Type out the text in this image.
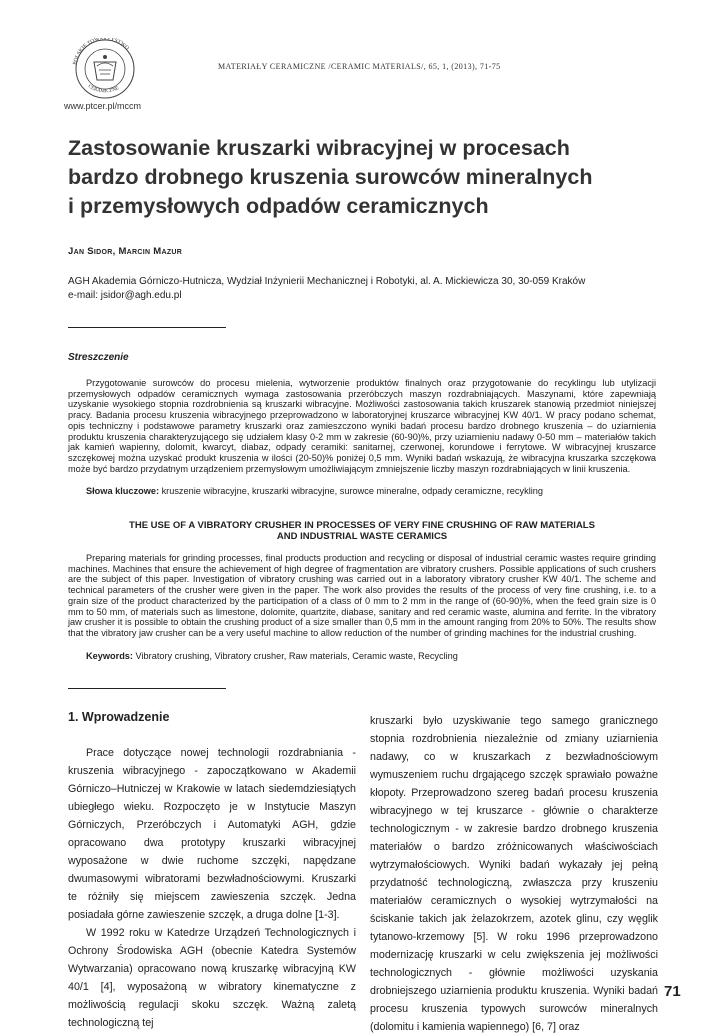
POLSKIE TOWARZYSTWO
CERAMICZNE
www.ptcer.pl/mccm
MATERIAŁY CERAMICZNE /CERAMIC MATERIALS/, 65, 1, (2013), 71-75
Zastosowanie kruszarki wibracyjnej w procesach
bardzo drobnego kruszenia surowców mineralnych
i przemysłowych odpadów ceramicznych
Jan Sidor, Marcin Mazur
AGH Akademia Górniczo-Hutnicza, Wydział Inżynierii Mechanicznej i Robotyki, al. A. Mickiewicza 30, 30-059 Kraków
e-mail: jsidor@agh.edu.pl
Streszczenie

Przygotowanie surowców do procesu mielenia, wytworzenie produktów finalnych oraz przygotowanie do recyklingu lub utylizacji przemysłowych odpadów ceramicznych wymaga zastosowania przeróbczych maszyn rozdrabniających. Maszynami, które zapewniają uzyskanie wysokiego stopnia rozdrobnienia są kruszarki wibracyjne. Możliwości zastosowania takich kruszarek stanowią przedmiot niniejszej pracy. Badania procesu kruszenia wibracyjnego przeprowadzono w laboratoryjnej kruszarce wibracyjnej KW 40/1. W pracy podano schemat, opis techniczny i podstawowe parametry kruszarki oraz zamieszczono wyniki badań procesu bardzo drobnego kruszenia – do uziarnienia produktu kruszenia charakteryzującego się udziałem klasy 0-2 mm w zakresie (60-90)%, przy uziarnieniu nadawy 0-50 mm – materiałów takich jak kamień wapienny, dolomit, kwarcyt, diabaz, odpady ceramiki: sanitarnej, czerwonej, korundowe i ferrytowe. W wibracyjnej kruszarce szczękowej można uzyskać produkt kruszenia w ilości (20-50)% poniżej 0,5 mm. Wyniki badań wskazują, że wibracyjna kruszarka szczękowa może być bardzo przydatnym urządzeniem przemysłowym umożliwiającym zmniejszenie liczby maszyn rozdrabniających w linii kruszenia.

Słowa kluczowe: kruszenie wibracyjne, kruszarki wibracyjne, surowce mineralne, odpady ceramiczne, recykling
THE USE OF A VIBRATORY CRUSHER IN PROCESSES OF VERY FINE CRUSHING OF RAW MATERIALS
AND INDUSTRIAL WASTE CERAMICS

Preparing materials for grinding processes, final products production and recycling or disposal of industrial ceramic wastes require grinding machines. Machines that ensure the achievement of high degree of fragmentation are vibratory crushers. Possible applications of such crushers are the subject of this paper. Investigation of vibratory crushing was carried out in a laboratory vibratory crusher KW 40/1. The scheme and technical parameters of the crusher were given in the paper. The work also provides the results of the process of very fine crushing, i.e. to a grain size of the product characterized by the participation of a class of 0 mm to 2 mm in the range of (60-90)%, when the feed grain size is 0 mm to 50 mm, of materials such as limestone, dolomite, quartzite, diabase, sanitary and red ceramic waste, alumina and ferrite. In the vibratory jaw crusher it is possible to obtain the crushing product of a size smaller than 0,5 mm in the amount ranging from 20% to 50%. The results show that the vibratory jaw crusher can be a very useful machine to allow reduction of the number of grinding machines for the industrial crushing.

Keywords: Vibratory crushing, Vibratory crusher, Raw materials, Ceramic waste, Recycling
1. Wprowadzenie

Prace dotyczące nowej technologii rozdrabniania - kruszenia wibracyjnego - zapoczątkowano w Akademii Górniczo–Hutniczej w Krakowie w latach siedemdziesiątych ubiegłego wieku. Rozpoczęto je w Instytucie Maszyn Górniczych, Przeróbczych i Automatyki AGH, gdzie opracowano dwa prototypy kruszarki wibracyjnej wyposażone w dwie ruchome szczęki, napędzane dwumasowymi wibratorami bezwładnościowymi. Kruszarki te różniły się miejscem zawieszenia szczęk. Jedna posiadała górne zawieszenie szczęk, a druga dolne [1-3].

W 1992 roku w Katedrze Urządzeń Technologicznych i Ochrony Środowiska AGH (obecnie Katedra Systemów Wytwarzania) opracowano nową kruszarkę wibracyjną KW 40/1 [4], wyposażoną w wibratory kinematyczne z możliwością regulacji skoku szczęk. Ważną zaletą technologiczną tej

kruszarki było uzyskiwanie tego samego granicznego stopnia rozdrobnienia niezależnie od zmiany uziarnienia nadawy, co w kruszarkach z bezwładnościowym wymuszeniem ruchu drgającego szczęk sprawiało poważne kłopoty. Przeprowadzono szereg badań procesu kruszenia wibracyjnego w tej kruszarce - głównie o charakterze technologicznym - w zakresie bardzo drobnego kruszenia materiałów o bardzo zróżnicowanych właściwościach wytrzymałościowych. Wyniki badań wykazały jej pełną przydatność technologiczną, zwłaszcza przy kruszeniu materiałów ceramicznych o wysokiej wytrzymałości na ściskanie takich jak żelazokrzem, azotek glinu, czy węglik tytanowo-krzemowy [5]. W roku 1996 przeprowadzono modernizację kruszarki w celu zwiększenia jej możliwości technologicznych - głównie możliwości uzyskania drobniejszego uziarnienia produktu kruszenia. Wyniki badań procesu kruszenia typowych surowców mineralnych (dolomitu i kamienia wapiennego) [6, 7] oraz

71
